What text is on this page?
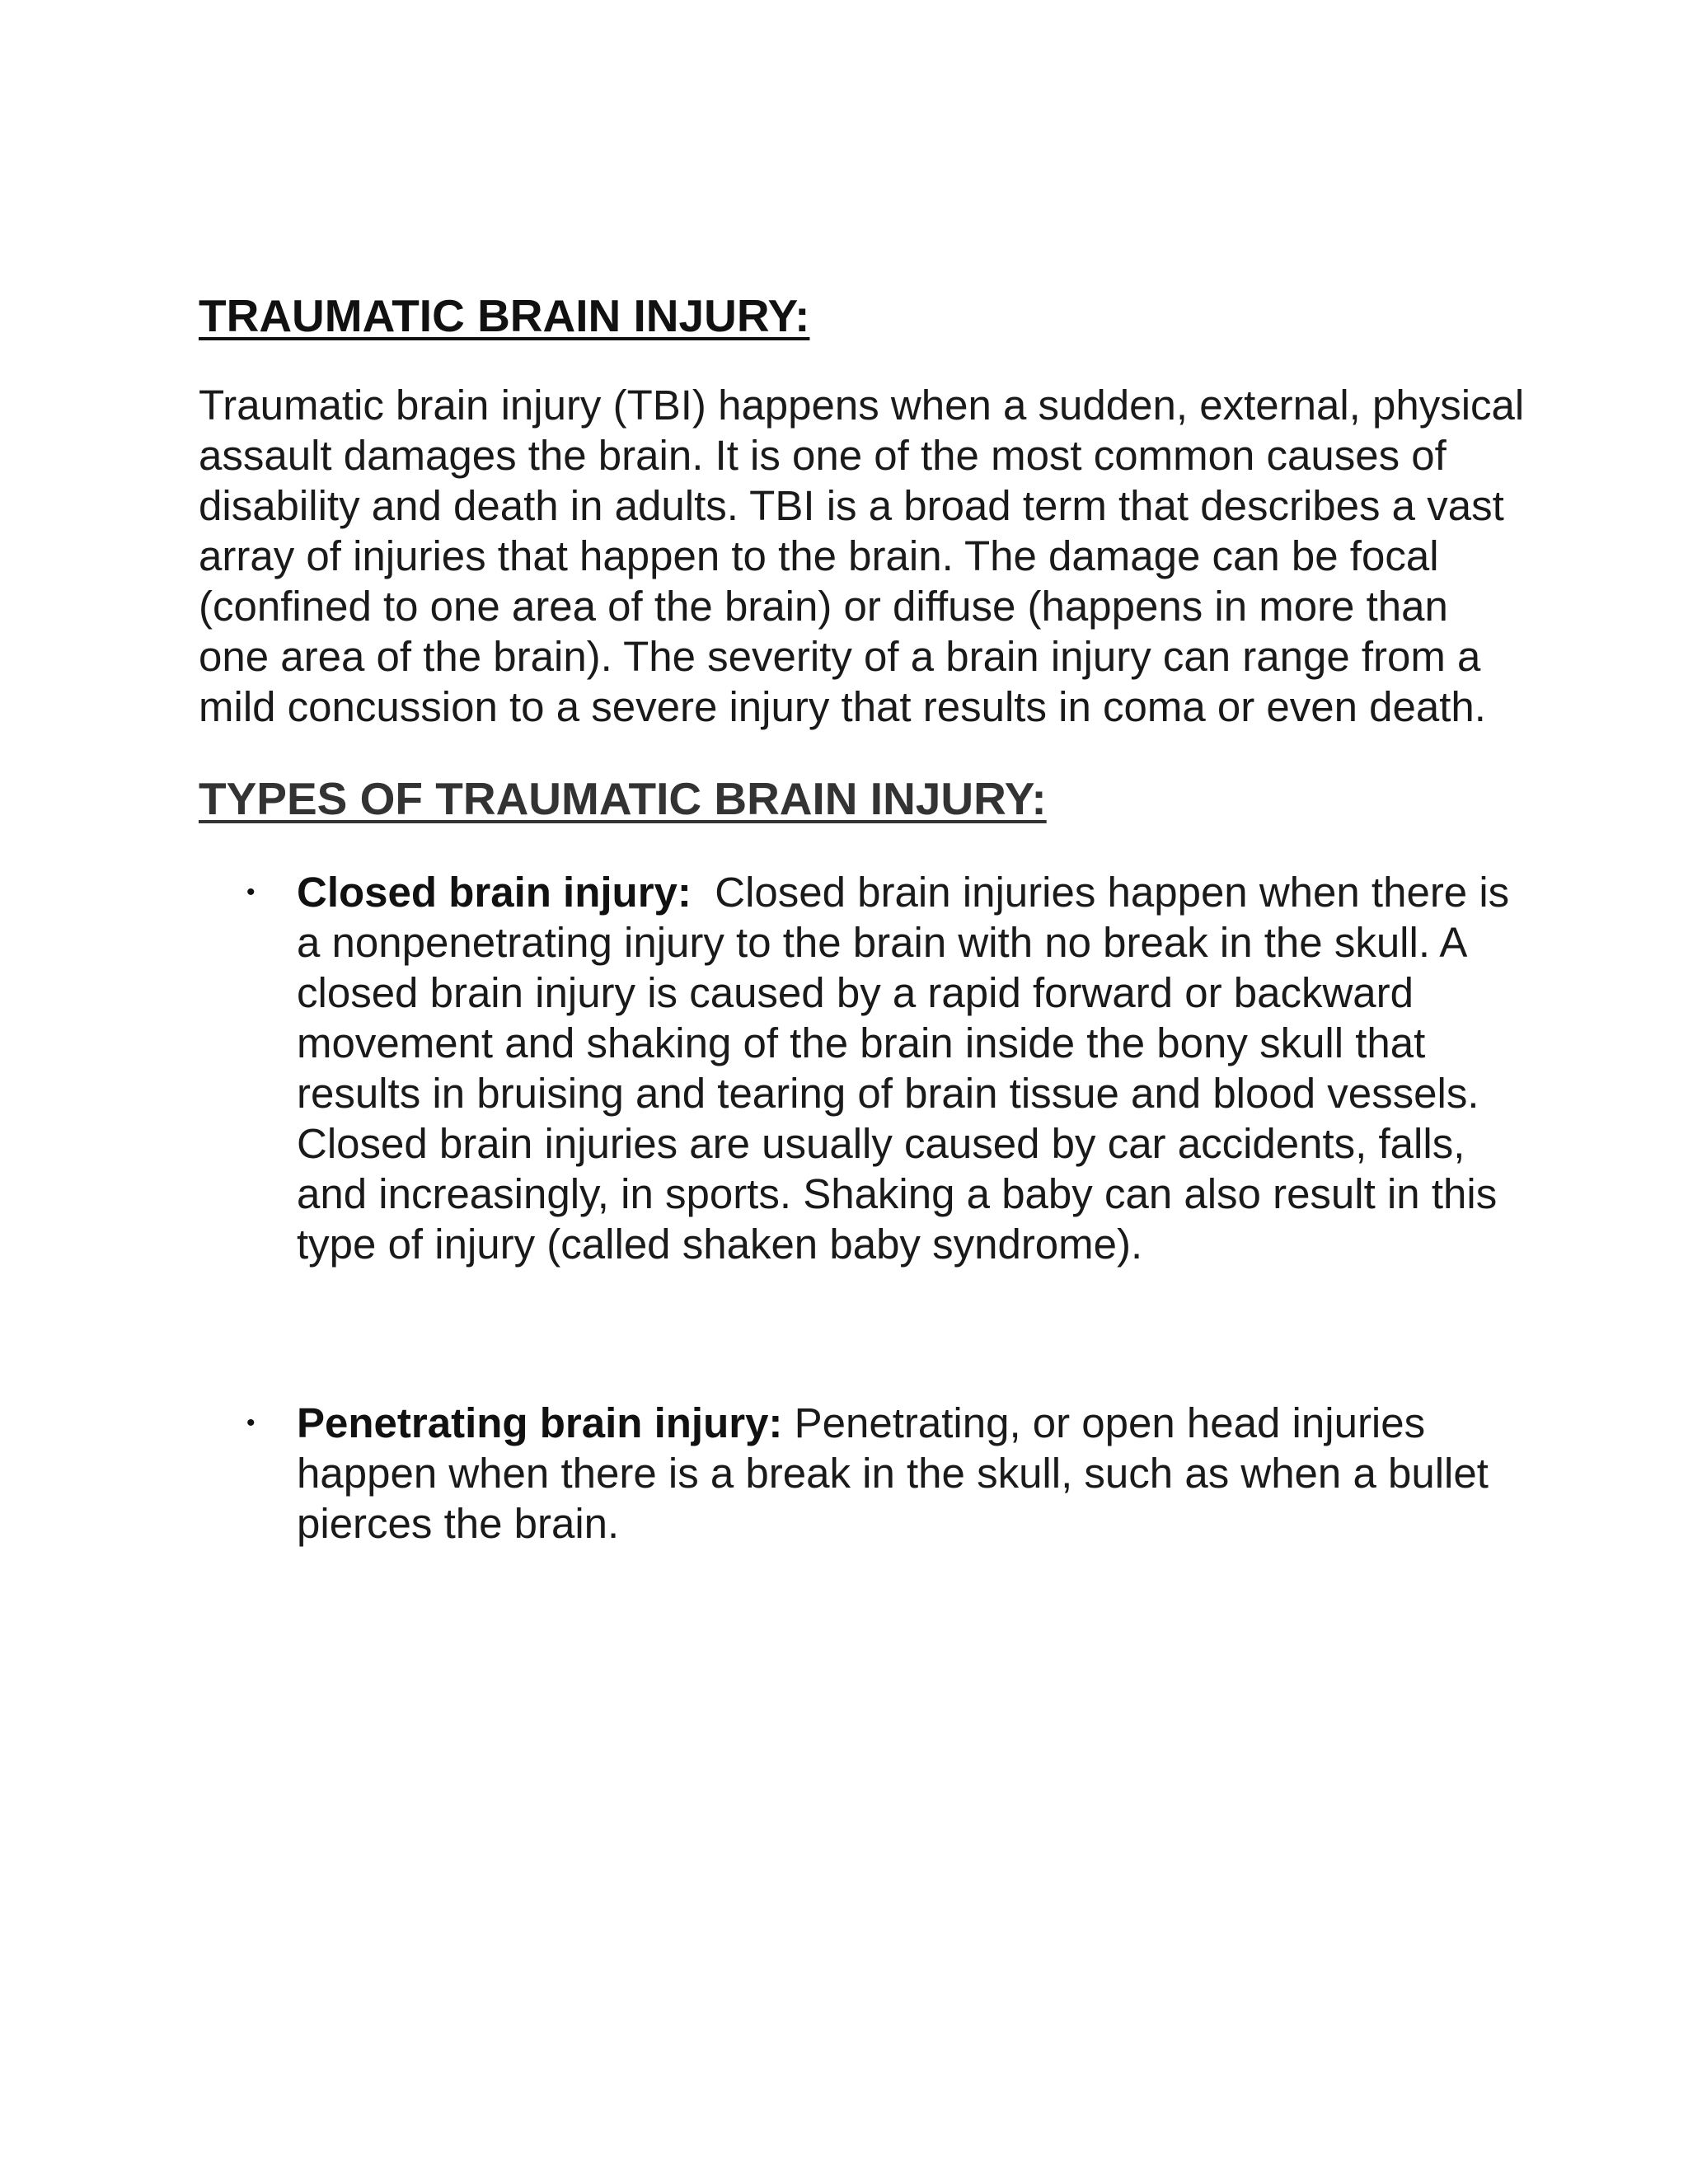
TRAUMATIC BRAIN INJURY:

Traumatic brain injury (TBI) happens when a sudden, external, physical assault damages the brain. It is one of the most common causes of disability and death in adults. TBI is a broad term that describes a vast array of injuries that happen to the brain. The damage can be focal (confined to one area of the brain) or diffuse (happens in more than one area of the brain). The severity of a brain injury can range from a mild concussion to a severe injury that results in coma or even death.

TYPES OF TRAUMATIC BRAIN INJURY:
• Closed brain injury: Closed brain injuries happen when there is a nonpenetrating injury to the brain with no break in the skull. A closed brain injury is caused by a rapid forward or backward movement and shaking of the brain inside the bony skull that results in bruising and tearing of brain tissue and blood vessels. Closed brain injuries are usually caused by car accidents, falls, and increasingly, in sports. Shaking a baby can also result in this type of injury (called shaken baby syndrome).
• Penetrating brain injury: Penetrating, or open head injuries happen when there is a break in the skull, such as when a bullet pierces the brain.
